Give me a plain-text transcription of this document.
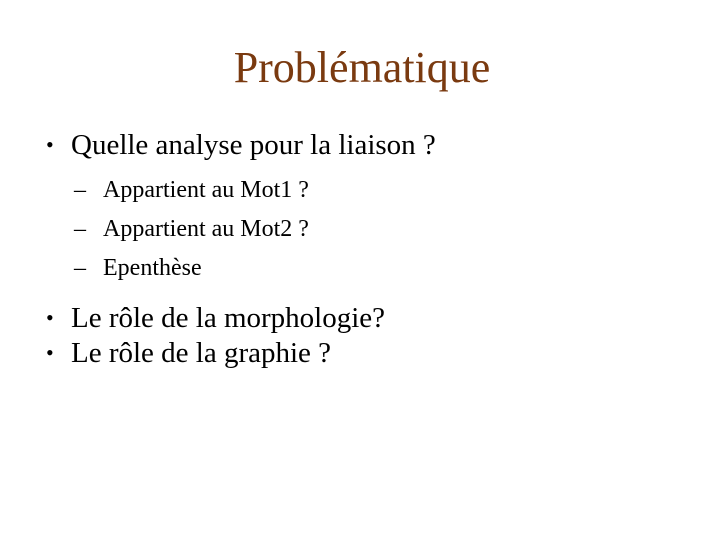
Problématique
• Quelle analyse pour la liaison ?
– Appartient au Mot1 ?
– Appartient au Mot2 ?
– Epenthèse
• Le rôle de la morphologie?
• Le rôle de la graphie ?
